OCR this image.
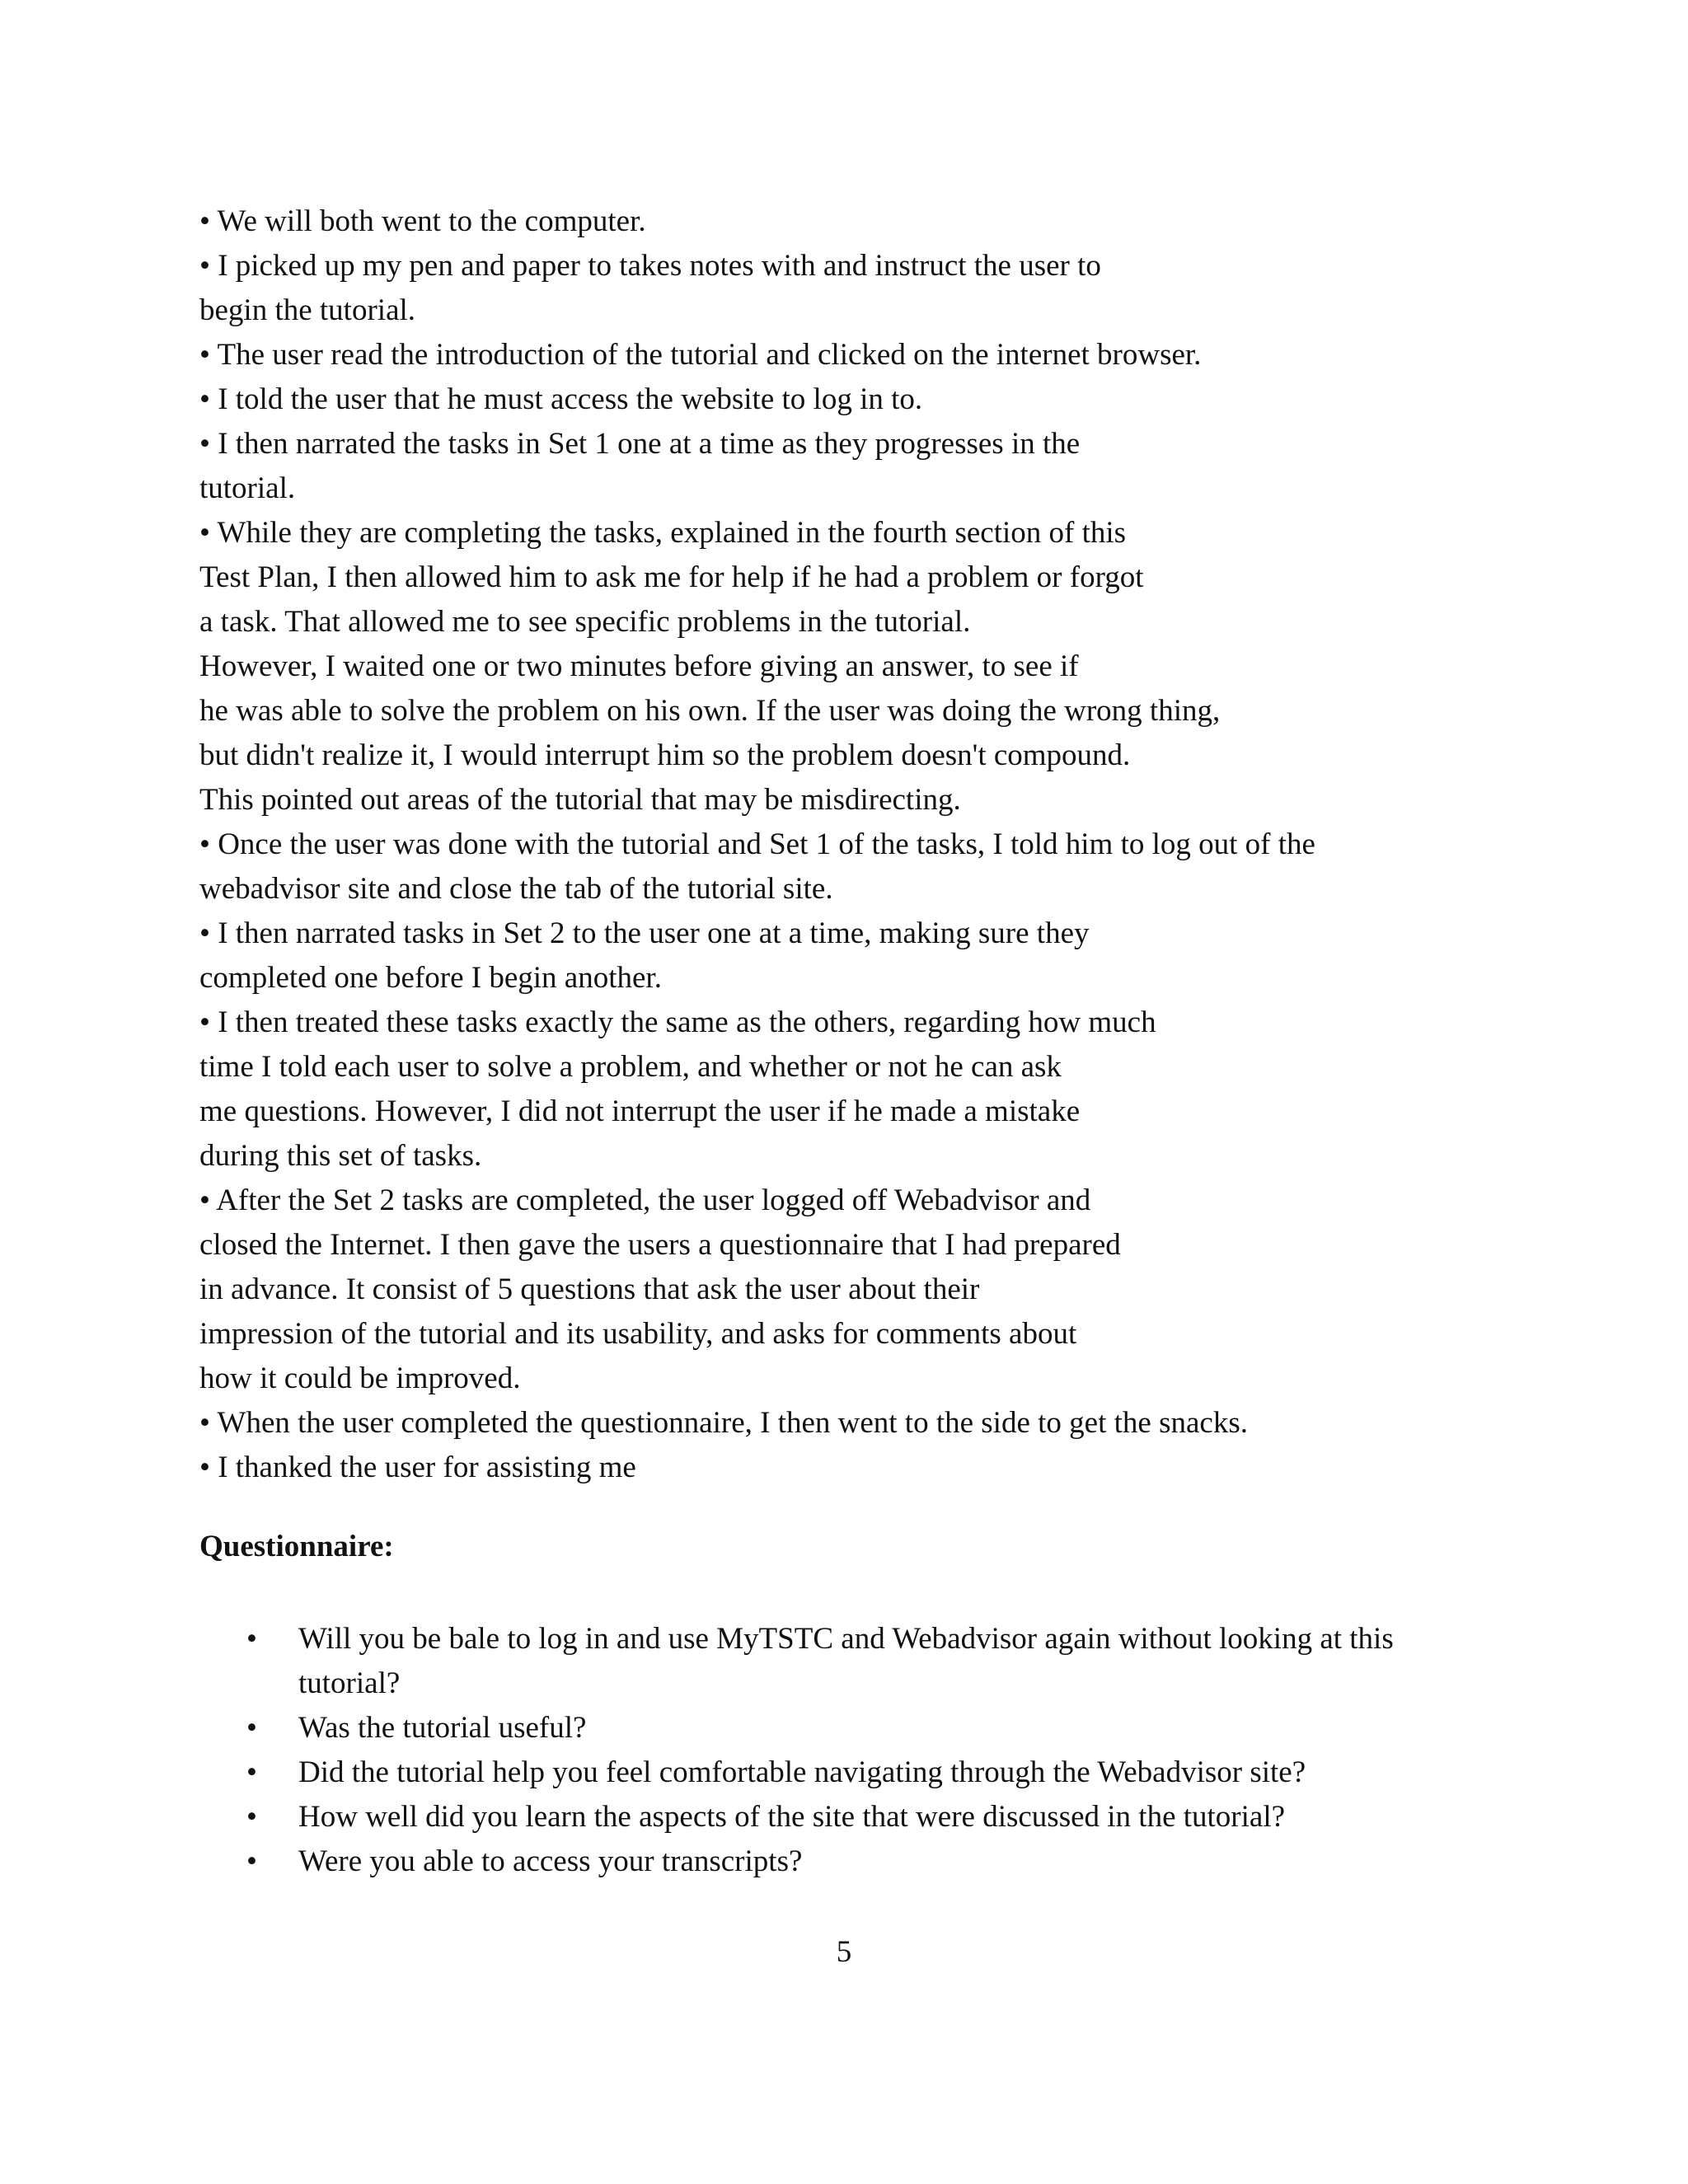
• We will both went to the computer.
• I picked up my pen and paper to takes notes with and instruct the user to
begin the tutorial.
• The user read the introduction of the tutorial and clicked on the internet browser.
• I told the user that he must access the website to log in to.
• I then narrated the tasks in Set 1 one at a time as they progresses in the
tutorial.
• While they are completing the tasks, explained in the fourth section of this
Test Plan, I then allowed him to ask me for help if he had a problem or forgot
a task. That allowed me to see specific problems in the tutorial.
However, I waited one or two minutes before giving an answer, to see if
he was able to solve the problem on his own. If the user was doing the wrong thing,
but didn't realize it, I would interrupt him so the problem doesn't compound.
This pointed out areas of the tutorial that may be misdirecting.
• Once the user was done with the tutorial and Set 1 of the tasks, I told him to log out of the
webadvisor site and close the tab of the tutorial site.
• I then narrated tasks in Set 2 to the user one at a time, making sure they
completed one before I begin another.
• I then treated these tasks exactly the same as the others, regarding how much
time I told each user to solve a problem, and whether or not he can ask
me questions. However, I did not interrupt the user if he made a mistake
during this set of tasks.
• After the Set 2 tasks are completed, the user logged off Webadvisor and
closed the Internet. I then gave the users a questionnaire that I had prepared
in advance. It consist of 5 questions that ask the user about their
impression of the tutorial and its usability, and asks for comments about
how it could be improved.
• When the user completed the questionnaire, I then went to the side to get the snacks.
• I thanked the user for assisting me
Questionnaire:
• Will you be bale to log in and use MyTSTC and Webadvisor again without looking at this tutorial?
• Was the tutorial useful?
• Did the tutorial help you feel comfortable navigating through the Webadvisor site?
• How well did you learn the aspects of the site that were discussed in the tutorial?
• Were you able to access your transcripts?
5
